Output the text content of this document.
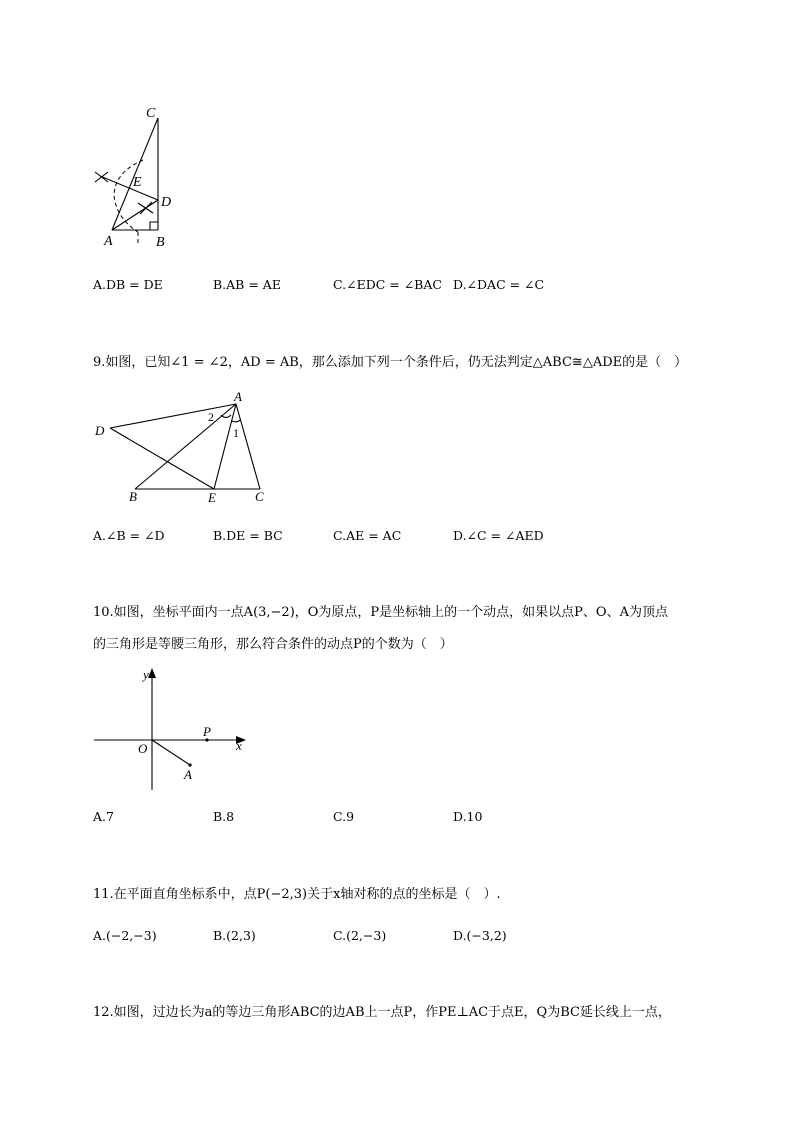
C
E
D
A	B
A.DB = DE	B.AB = AE	C.∠EDC = ∠BAC D.∠DAC = ∠C
9.如图，已知∠1 = ∠2，AD = AB，那么添加下列一个条件后，仍无法判定△ABC≅△ADE的是（　）
A
D
B	E	C
1
2
A.∠B = ∠D	B.DE = BC	C.AE = AC	D.∠C = ∠AED
10.如图，坐标平面内一点A(3,−2)，O为原点，P是坐标轴上的一个动点，如果以点P、O、A为顶点
的三角形是等腰三角形，那么符合条件的动点P的个数为（　）
y
x
O
P
A
A.7	B.8	C.9	D.10
11.在平面直角坐标系中，点P(−2,3)关于x轴对称的点的坐标是（　）.
A.(−2,−3)	B.(2,3)	C.(2,−3)	D.(−3,2)
12.如图，过边长为a的等边三角形ABC的边AB上一点P，作PE⊥AC于点E，Q为BC延长线上一点，
